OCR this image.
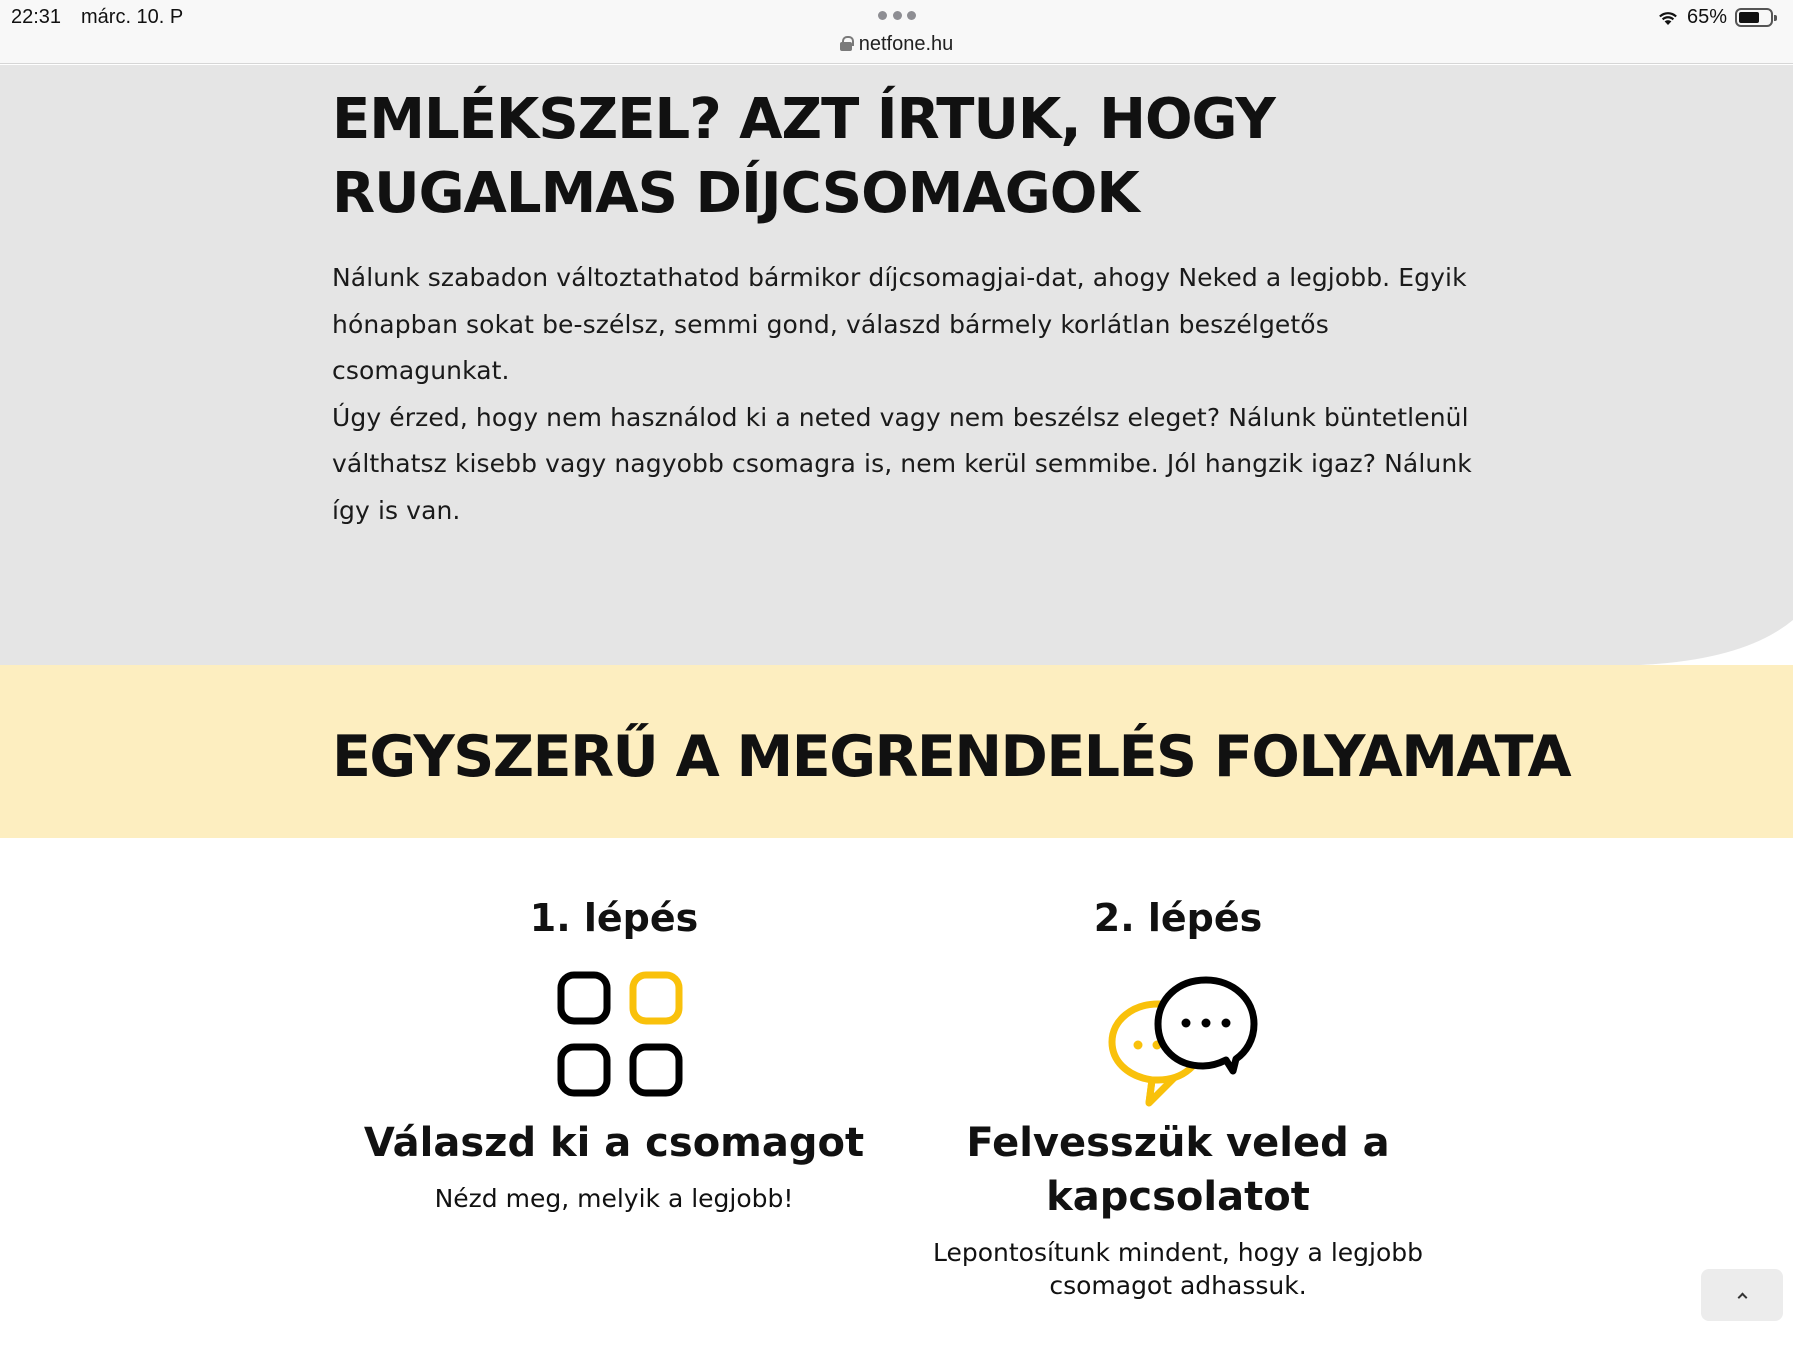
22:31 márc. 10. P
netfone.hu
65%
EMLÉKSZEL? AZT ÍRTUK, HOGY RUGALMAS DÍJCSOMAGOK

Nálunk szabadon változtathatod bármikor díjcsomagjai-dat, ahogy Neked a legjobb. Egyik hónapban sokat be-szélsz, semmi gond, válaszd bármely korlátlan beszélgetős csomagunkat.

Úgy érzed, hogy nem használod ki a neted vagy nem beszélsz eleget? Nálunk büntetlenül válthatsz kisebb vagy nagyobb csomagra is, nem kerül semmibe. Jól hangzik igaz? Nálunk így is van.

EGYSZERŰ A MEGRENDELÉS FOLYAMATA
1. lépés
Válaszd ki a csomagot
Nézd meg, melyik a legjobb!
2. lépés
Felvesszük veled a kapcsolatot
Lepontosítunk mindent, hogy a legjobb csomagot adhassuk.
